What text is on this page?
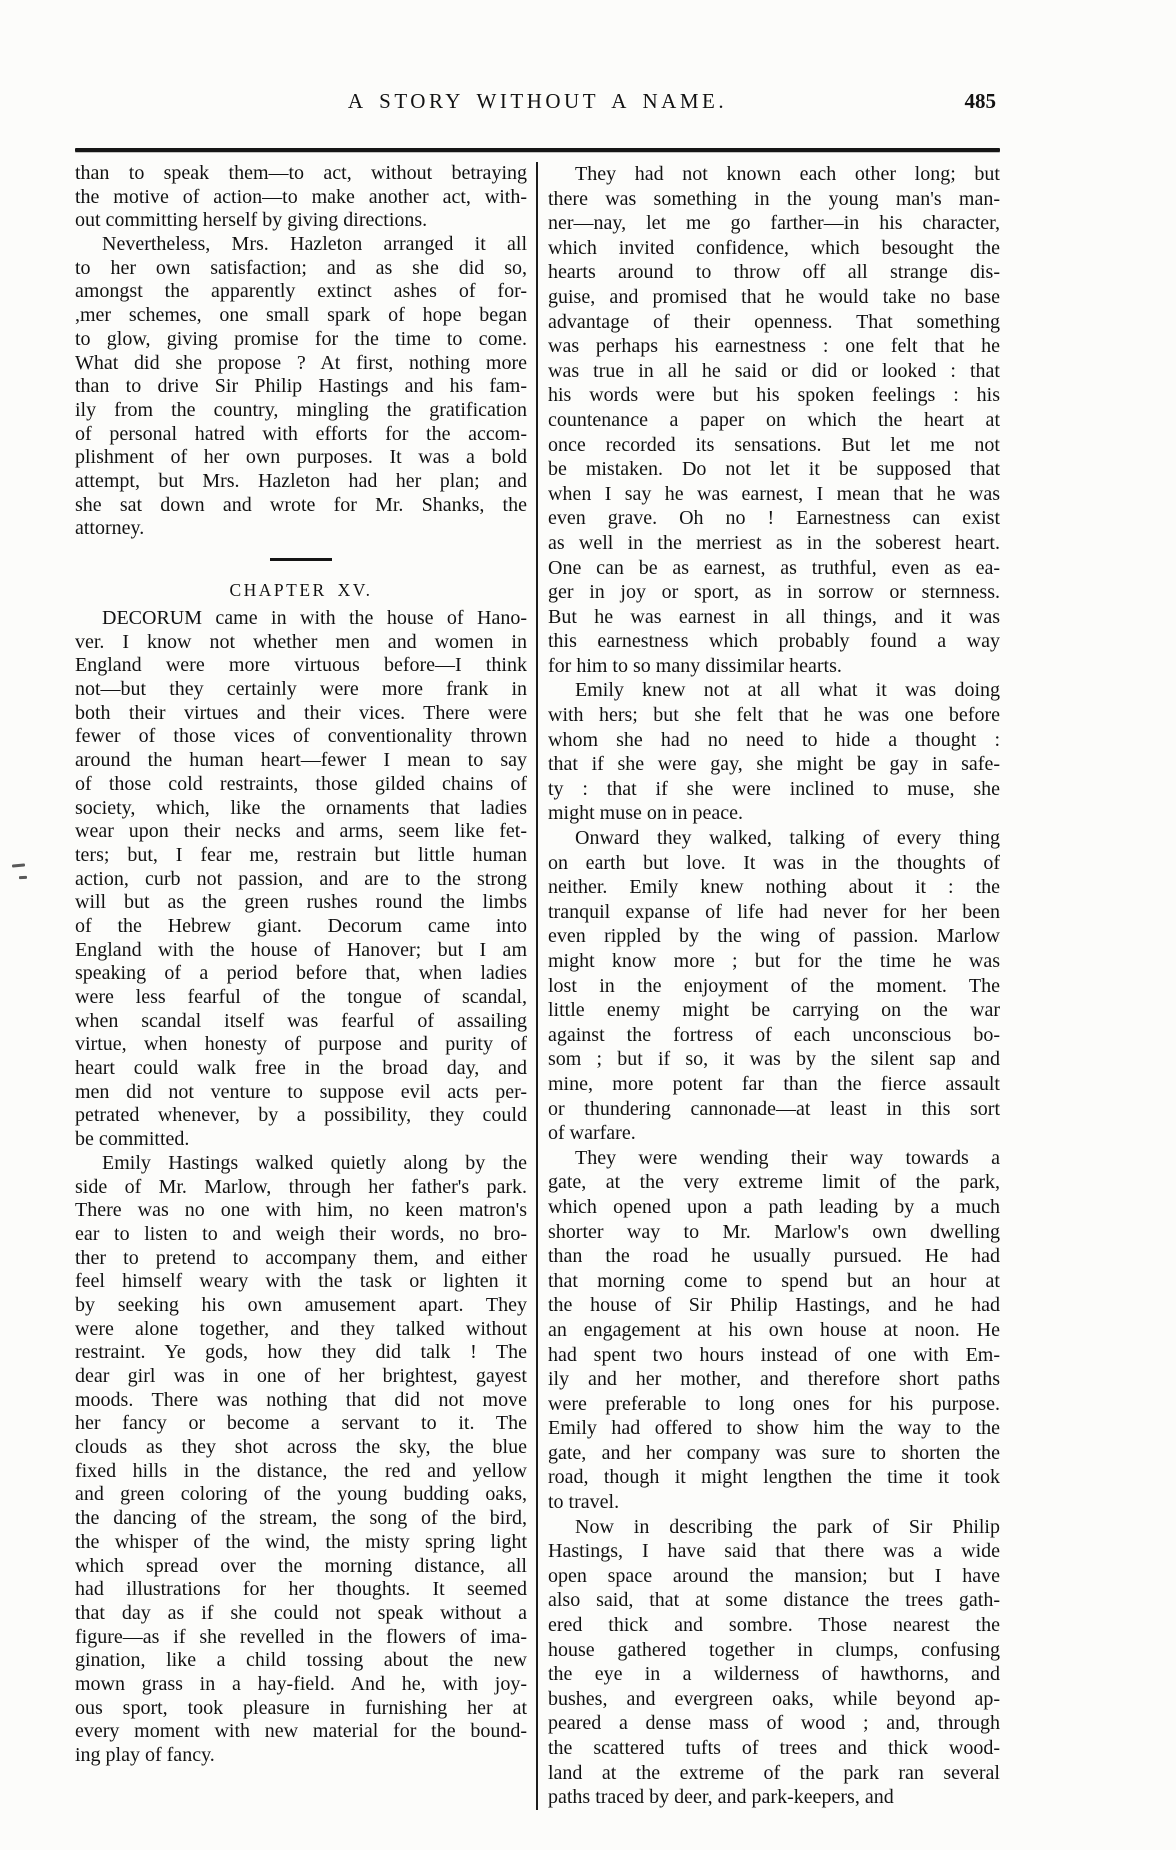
A STORY WITHOUT A NAME.	485
than to speak them—to act, without betraying
the motive of action—to make another act, with-
out committing herself by giving directions.
Nevertheless, Mrs. Hazleton arranged it all
to her own satisfaction; and as she did so,
amongst the apparently extinct ashes of for-
,mer schemes, one small spark of hope began
to glow, giving promise for the time to come.
What did she propose ? At first, nothing more
than to drive Sir Philip Hastings and his fam-
ily from the country, mingling the gratification
of personal hatred with efforts for the accom-
plishment of her own purposes. It was a bold
attempt, but Mrs. Hazleton had her plan; and
she sat down and wrote for Mr. Shanks, the
attorney.
CHAPTER XV.
DECORUM came in with the house of Hano-
ver. I know not whether men and women in
England were more virtuous before—I think
not—but they certainly were more frank in
both their virtues and their vices. There were
fewer of those vices of conventionality thrown
around the human heart—fewer I mean to say
of those cold restraints, those gilded chains of
society, which, like the ornaments that ladies
wear upon their necks and arms, seem like fet-
ters; but, I fear me, restrain but little human
action, curb not passion, and are to the strong
will but as the green rushes round the limbs
of the Hebrew giant. Decorum came into
England with the house of Hanover; but I am
speaking of a period before that, when ladies
were less fearful of the tongue of scandal,
when scandal itself was fearful of assailing
virtue, when honesty of purpose and purity of
heart could walk free in the broad day, and
men did not venture to suppose evil acts per-
petrated whenever, by a possibility, they could
be committed.
Emily Hastings walked quietly along by the
side of Mr. Marlow, through her father's park.
There was no one with him, no keen matron's
ear to listen to and weigh their words, no bro-
ther to pretend to accompany them, and either
feel himself weary with the task or lighten it
by seeking his own amusement apart. They
were alone together, and they talked without
restraint. Ye gods, how they did talk ! The
dear girl was in one of her brightest, gayest
moods. There was nothing that did not move
her fancy or become a servant to it. The
clouds as they shot across the sky, the blue
fixed hills in the distance, the red and yellow
and green coloring of the young budding oaks,
the dancing of the stream, the song of the bird,
the whisper of the wind, the misty spring light
which spread over the morning distance, all
had illustrations for her thoughts. It seemed
that day as if she could not speak without a
figure—as if she revelled in the flowers of ima-
gination, like a child tossing about the new
mown grass in a hay-field. And he, with joy-
ous sport, took pleasure in furnishing her at
every moment with new material for the bound-
ing play of fancy.
They had not known each other long; but
there was something in the young man's man-
ner—nay, let me go farther—in his character,
which invited confidence, which besought the
hearts around to throw off all strange dis-
guise, and promised that he would take no base
advantage of their openness. That something
was perhaps his earnestness : one felt that he
was true in all he said or did or looked : that
his words were but his spoken feelings : his
countenance a paper on which the heart at
once recorded its sensations. But let me not
be mistaken. Do not let it be supposed that
when I say he was earnest, I mean that he was
even grave. Oh no ! Earnestness can exist
as well in the merriest as in the soberest heart.
One can be as earnest, as truthful, even as ea-
ger in joy or sport, as in sorrow or sternness.
But he was earnest in all things, and it was
this earnestness which probably found a way
for him to so many dissimilar hearts.
Emily knew not at all what it was doing
with hers; but she felt that he was one before
whom she had no need to hide a thought :
that if she were gay, she might be gay in safe-
ty : that if she were inclined to muse, she
might muse on in peace.
Onward they walked, talking of every thing
on earth but love. It was in the thoughts of
neither. Emily knew nothing about it : the
tranquil expanse of life had never for her been
even rippled by the wing of passion. Marlow
might know more ; but for the time he was
lost in the enjoyment of the moment. The
little enemy might be carrying on the war
against the fortress of each unconscious bo-
som ; but if so, it was by the silent sap and
mine, more potent far than the fierce assault
or thundering cannonade—at least in this sort
of warfare.
They were wending their way towards a
gate, at the very extreme limit of the park,
which opened upon a path leading by a much
shorter way to Mr. Marlow's own dwelling
than the road he usually pursued. He had
that morning come to spend but an hour at
the house of Sir Philip Hastings, and he had
an engagement at his own house at noon. He
had spent two hours instead of one with Em-
ily and her mother, and therefore short paths
were preferable to long ones for his purpose.
Emily had offered to show him the way to the
gate, and her company was sure to shorten the
road, though it might lengthen the time it took
to travel.
Now in describing the park of Sir Philip
Hastings, I have said that there was a wide
open space around the mansion; but I have
also said, that at some distance the trees gath-
ered thick and sombre. Those nearest the
house gathered together in clumps, confusing
the eye in a wilderness of hawthorns, and
bushes, and evergreen oaks, while beyond ap-
peared a dense mass of wood ; and, through
the scattered tufts of trees and thick wood-
land at the extreme of the park ran several
paths traced by deer, and park-keepers, and
